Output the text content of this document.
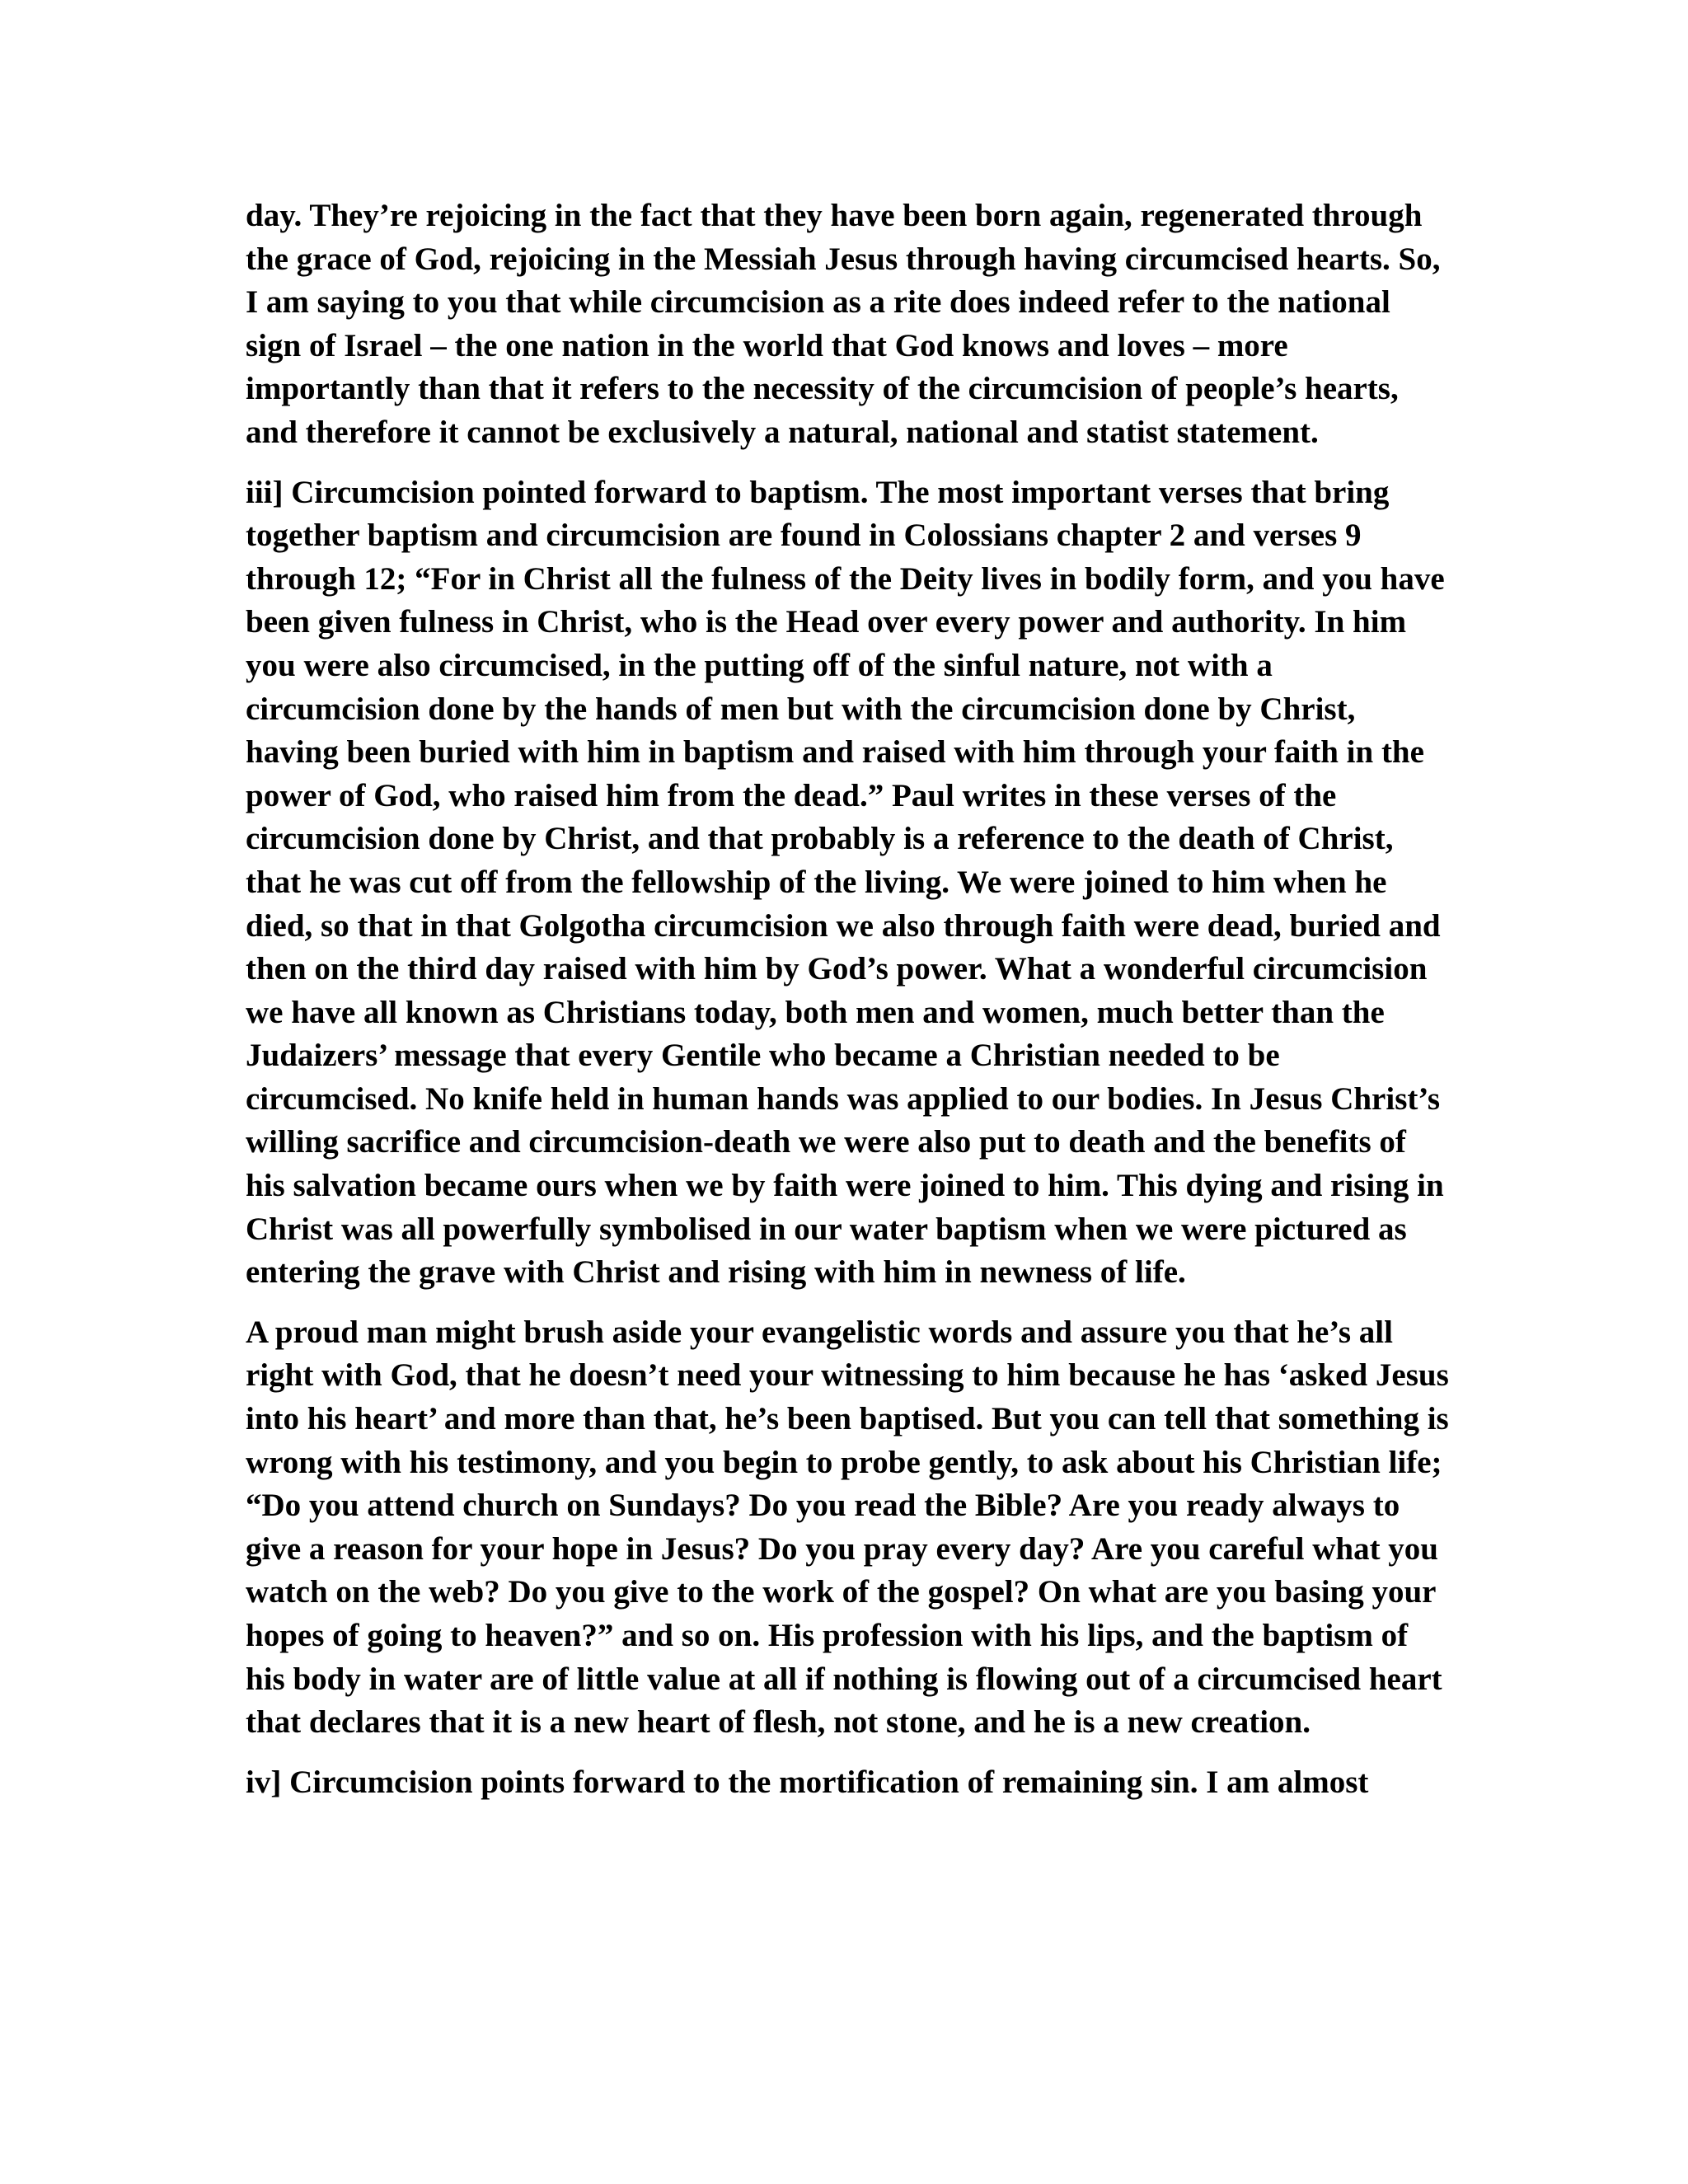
day. They’re rejoicing in the fact that they have been born again, regenerated through the grace of God, rejoicing in the Messiah Jesus through having circumcised hearts. So, I am saying to you that while circumcision as a rite does indeed refer to the national sign of Israel – the one nation in the world that God knows and loves – more importantly than that it refers to the necessity of the circumcision of people’s hearts, and therefore it cannot be exclusively a natural, national and statist statement.

iii] Circumcision pointed forward to baptism. The most important verses that bring together baptism and circumcision are found in Colossians chapter 2 and verses 9 through 12; “For in Christ all the fulness of the Deity lives in bodily form, and you have been given fulness in Christ, who is the Head over every power and authority. In him you were also circumcised, in the putting off of the sinful nature, not with a circumcision done by the hands of men but with the circumcision done by Christ, having been buried with him in baptism and raised with him through your faith in the power of God, who raised him from the dead.” Paul writes in these verses of the circumcision done by Christ, and that probably is a reference to the death of Christ, that he was cut off from the fellowship of the living. We were joined to him when he died, so that in that Golgotha circumcision we also through faith were dead, buried and then on the third day raised with him by God’s power. What a wonderful circumcision we have all known as Christians today, both men and women, much better than the Judaizers’ message that every Gentile who became a Christian needed to be circumcised. No knife held in human hands was applied to our bodies. In Jesus Christ’s willing sacrifice and circumcision-death we were also put to death and the benefits of his salvation became ours when we by faith were joined to him. This dying and rising in Christ was all powerfully symbolised in our water baptism when we were pictured as entering the grave with Christ and rising with him in newness of life.

A proud man might brush aside your evangelistic words and assure you that he’s all right with God, that he doesn’t need your witnessing to him because he has ‘asked Jesus into his heart’ and more than that, he’s been baptised. But you can tell that something is wrong with his testimony, and you begin to probe gently, to ask about his Christian life; “Do you attend church on Sundays? Do you read the Bible? Are you ready always to give a reason for your hope in Jesus? Do you pray every day? Are you careful what you watch on the web? Do you give to the work of the gospel? On what are you basing your hopes of going to heaven?” and so on. His profession with his lips, and the baptism of his body in water are of little value at all if nothing is flowing out of a circumcised heart that declares that it is a new heart of flesh, not stone, and he is a new creation.

iv] Circumcision points forward to the mortification of remaining sin. I am almost
